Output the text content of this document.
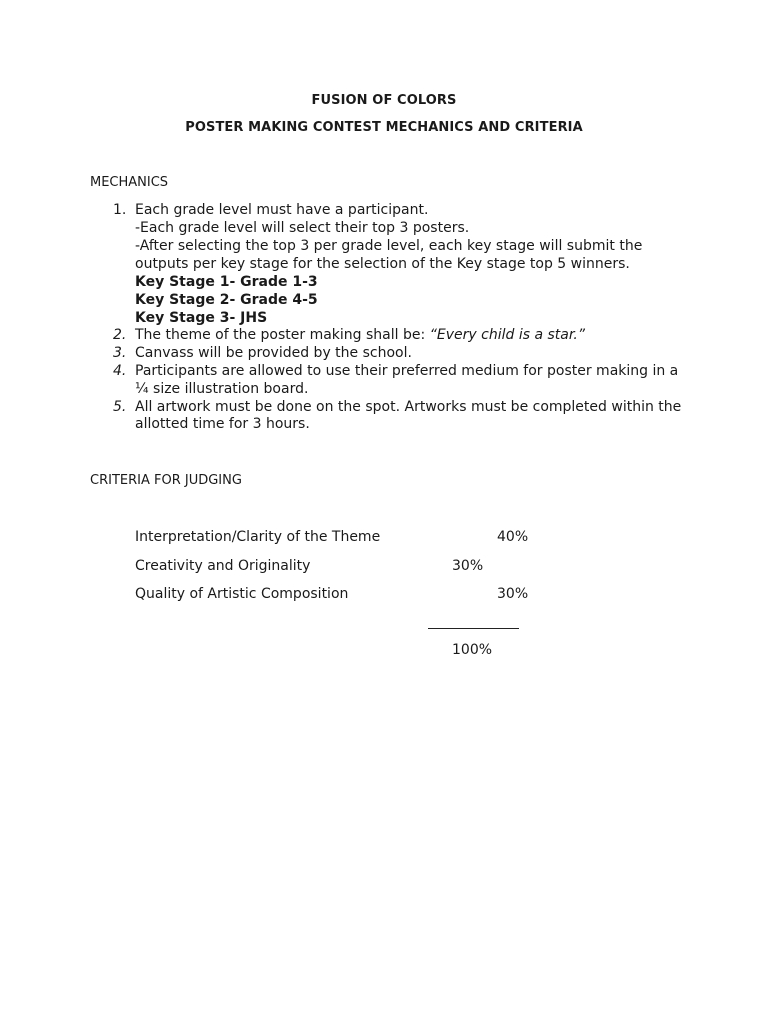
FUSION OF COLORS
POSTER MAKING CONTEST MECHANICS AND CRITERIA
MECHANICS
1. Each grade level must have a participant.
-Each grade level will select their top 3 posters.
-After selecting the top 3 per grade level, each key stage will submit the
outputs per key stage for the selection of the Key stage top 5 winners.
Key Stage 1- Grade 1-3
Key Stage 2- Grade 4-5
Key Stage 3- JHS
2. The theme of the poster making shall be: “Every child is a star.”
3. Canvass will be provided by the school.
4. Participants are allowed to use their preferred medium for poster making in a
¼ size illustration board.
5. All artwork must be done on the spot. Artworks must be completed within the
allotted time for 3 hours.
CRITERIA FOR JUDGING
Interpretation/Clarity of the Theme	40%
Creativity and Originality	30%
Quality of Artistic Composition	30%
100%
